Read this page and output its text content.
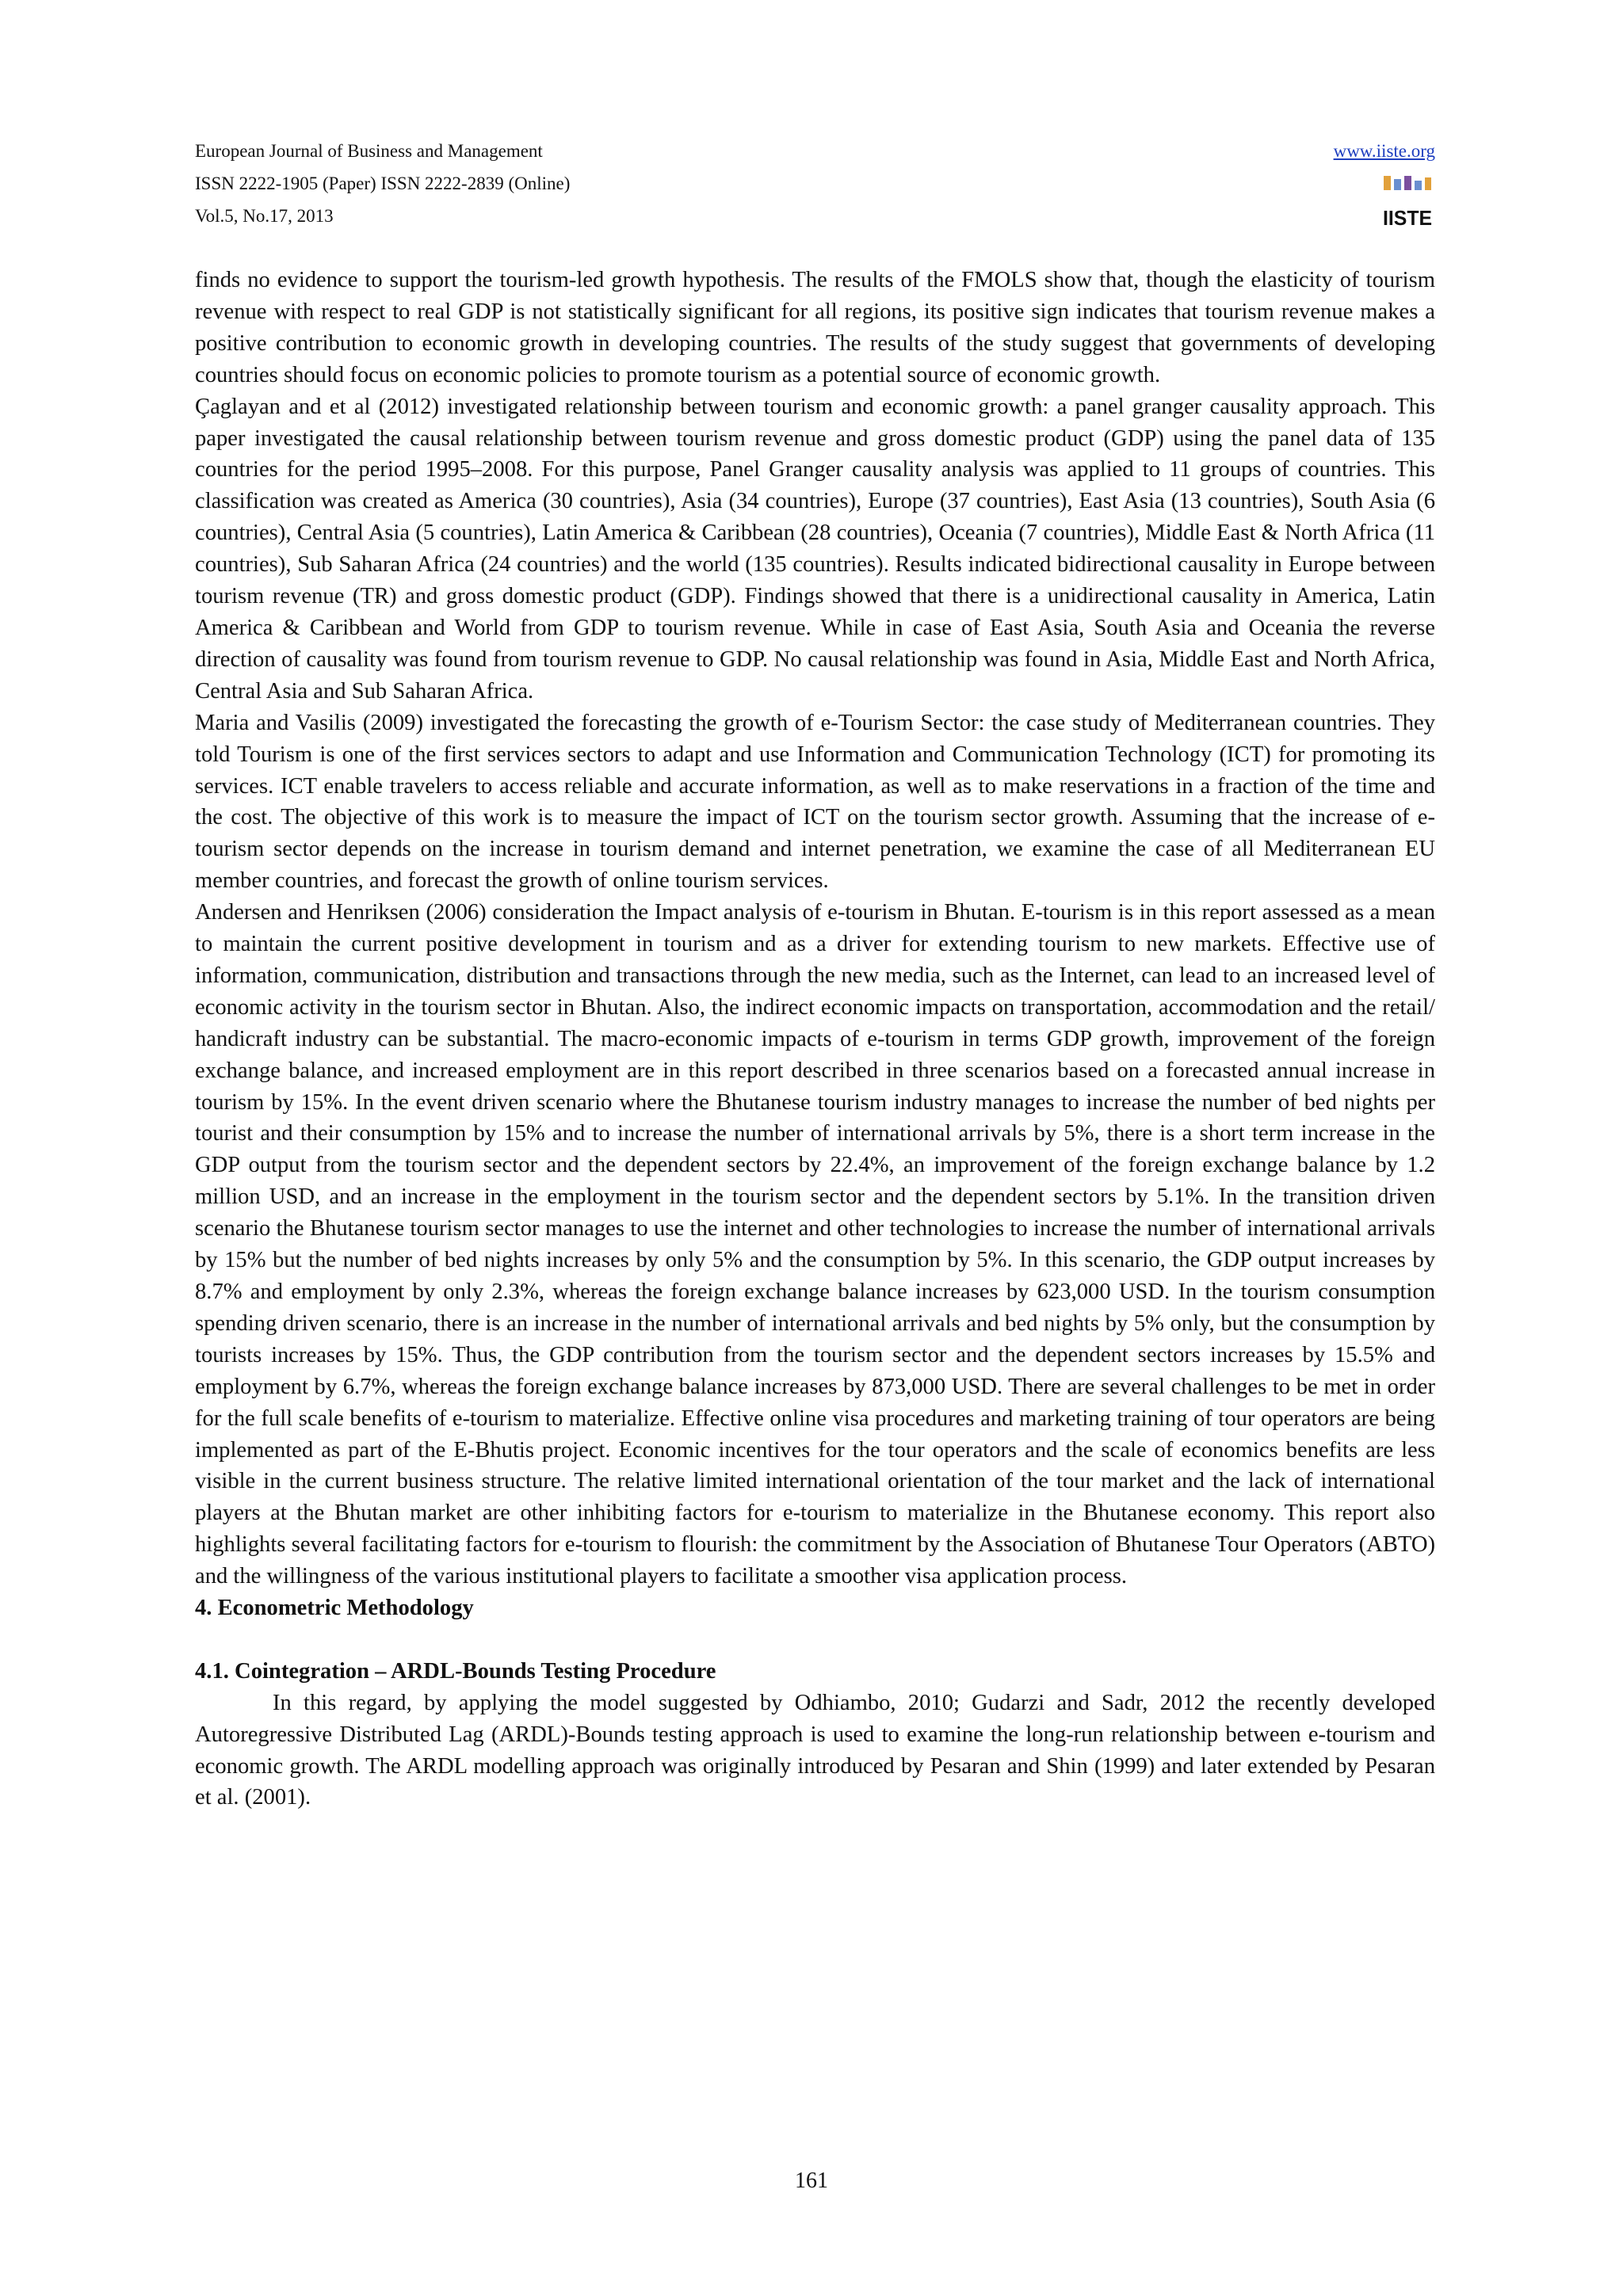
European Journal of Business and Management
ISSN 2222-1905 (Paper) ISSN 2222-2839 (Online)
Vol.5, No.17, 2013
www.iiste.org
IISTE

finds no evidence to support the tourism-led growth hypothesis. The results of the FMOLS show that, though the elasticity of tourism revenue with respect to real GDP is not statistically significant for all regions, its positive sign indicates that tourism revenue makes a positive contribution to economic growth in developing countries. The results of the study suggest that governments of developing countries should focus on economic policies to promote tourism as a potential source of economic growth.

Çaglayan and et al (2012) investigated relationship between tourism and economic growth: a panel granger causality approach. This paper investigated the causal relationship between tourism revenue and gross domestic product (GDP) using the panel data of 135 countries for the period 1995–2008. For this purpose, Panel Granger causality analysis was applied to 11 groups of countries. This classification was created as America (30 countries), Asia (34 countries), Europe (37 countries), East Asia (13 countries), South Asia (6 countries), Central Asia (5 countries), Latin America & Caribbean (28 countries), Oceania (7 countries), Middle East & North Africa (11 countries), Sub Saharan Africa (24 countries) and the world (135 countries). Results indicated bidirectional causality in Europe between tourism revenue (TR) and gross domestic product (GDP). Findings showed that there is a unidirectional causality in America, Latin America & Caribbean and World from GDP to tourism revenue. While in case of East Asia, South Asia and Oceania the reverse direction of causality was found from tourism revenue to GDP. No causal relationship was found in Asia, Middle East and North Africa, Central Asia and Sub Saharan Africa.

Maria and Vasilis (2009) investigated the forecasting the growth of e-Tourism Sector: the case study of Mediterranean countries. They told Tourism is one of the first services sectors to adapt and use Information and Communication Technology (ICT) for promoting its services. ICT enable travelers to access reliable and accurate information, as well as to make reservations in a fraction of the time and the cost. The objective of this work is to measure the impact of ICT on the tourism sector growth. Assuming that the increase of e-tourism sector depends on the increase in tourism demand and internet penetration, we examine the case of all Mediterranean EU member countries, and forecast the growth of online tourism services.

Andersen and Henriksen (2006) consideration the Impact analysis of e-tourism in Bhutan. E-tourism is in this report assessed as a mean to maintain the current positive development in tourism and as a driver for extending tourism to new markets. Effective use of information, communication, distribution and transactions through the new media, such as the Internet, can lead to an increased level of economic activity in the tourism sector in Bhutan. Also, the indirect economic impacts on transportation, accommodation and the retail/ handicraft industry can be substantial. The macro-economic impacts of e-tourism in terms GDP growth, improvement of the foreign exchange balance, and increased employment are in this report described in three scenarios based on a forecasted annual increase in tourism by 15%. In the event driven scenario where the Bhutanese tourism industry manages to increase the number of bed nights per tourist and their consumption by 15% and to increase the number of international arrivals by 5%, there is a short term increase in the GDP output from the tourism sector and the dependent sectors by 22.4%, an improvement of the foreign exchange balance by 1.2 million USD, and an increase in the employment in the tourism sector and the dependent sectors by 5.1%. In the transition driven scenario the Bhutanese tourism sector manages to use the internet and other technologies to increase the number of international arrivals by 15% but the number of bed nights increases by only 5% and the consumption by 5%. In this scenario, the GDP output increases by 8.7% and employment by only 2.3%, whereas the foreign exchange balance increases by 623,000 USD. In the tourism consumption spending driven scenario, there is an increase in the number of international arrivals and bed nights by 5% only, but the consumption by tourists increases by 15%. Thus, the GDP contribution from the tourism sector and the dependent sectors increases by 15.5% and employment by 6.7%, whereas the foreign exchange balance increases by 873,000 USD. There are several challenges to be met in order for the full scale benefits of e-tourism to materialize. Effective online visa procedures and marketing training of tour operators are being implemented as part of the E-Bhutis project. Economic incentives for the tour operators and the scale of economics benefits are less visible in the current business structure. The relative limited international orientation of the tour market and the lack of international players at the Bhutan market are other inhibiting factors for e-tourism to materialize in the Bhutanese economy. This report also highlights several facilitating factors for e-tourism to flourish: the commitment by the Association of Bhutanese Tour Operators (ABTO) and the willingness of the various institutional players to facilitate a smoother visa application process.

4. Econometric Methodology
4.1. Cointegration – ARDL-Bounds Testing Procedure

In this regard, by applying the model suggested by Odhiambo, 2010; Gudarzi and Sadr, 2012 the recently developed Autoregressive Distributed Lag (ARDL)-Bounds testing approach is used to examine the long-run relationship between e-tourism and economic growth. The ARDL modelling approach was originally introduced by Pesaran and Shin (1999) and later extended by Pesaran et al. (2001).

161
